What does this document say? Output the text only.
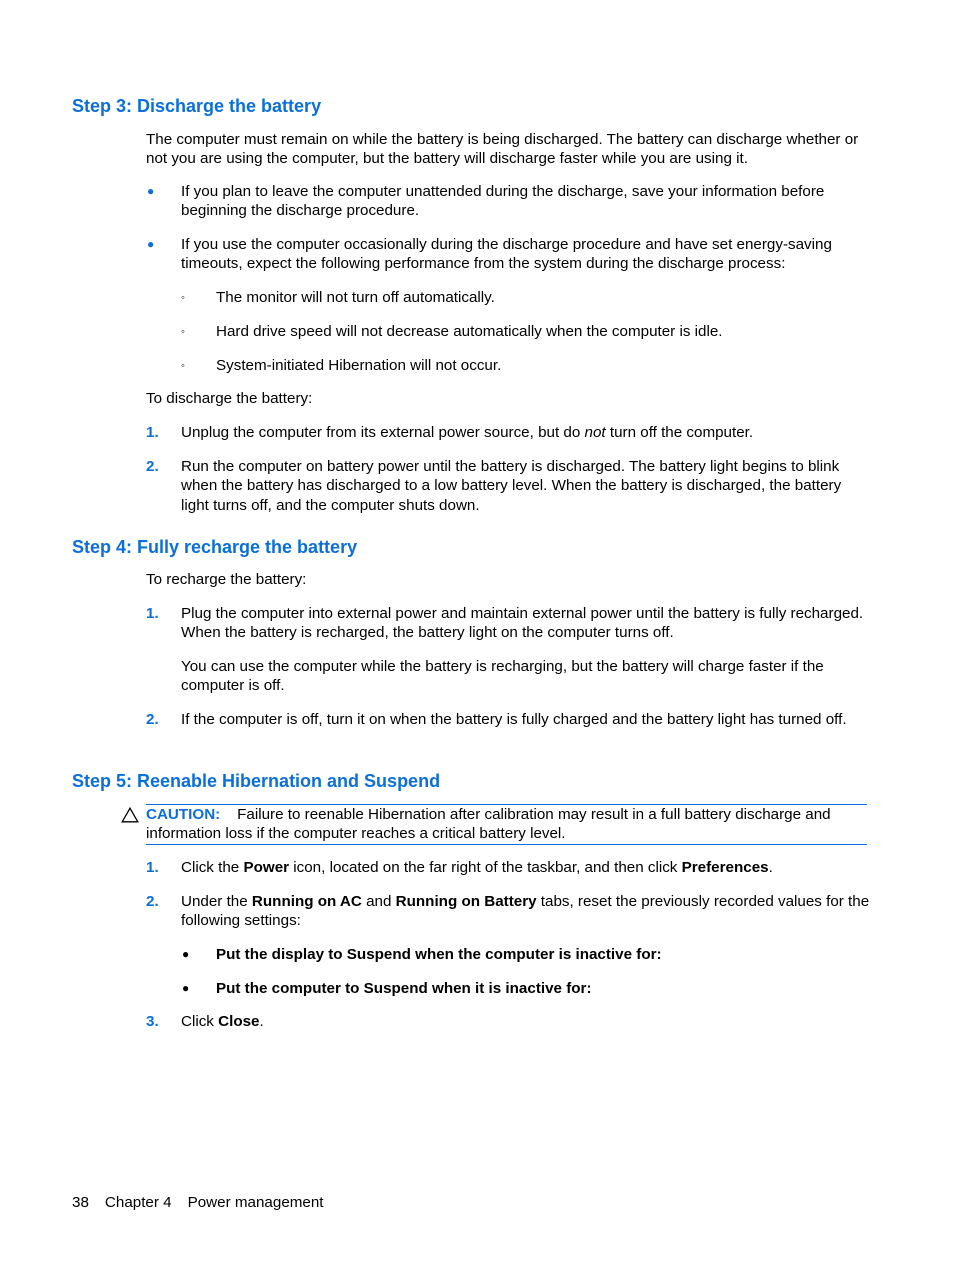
Step 3: Discharge the battery

The computer must remain on while the battery is being discharged. The battery can discharge whether or not you are using the computer, but the battery will discharge faster while you are using it.

● If you plan to leave the computer unattended during the discharge, save your information before beginning the discharge procedure.
● If you use the computer occasionally during the discharge procedure and have set energy-saving timeouts, expect the following performance from the system during the discharge process:
◦ The monitor will not turn off automatically.
◦ Hard drive speed will not decrease automatically when the computer is idle.
◦ System-initiated Hibernation will not occur.

To discharge the battery:

1. Unplug the computer from its external power source, but do not turn off the computer.
2. Run the computer on battery power until the battery is discharged. The battery light begins to blink when the battery has discharged to a low battery level. When the battery is discharged, the battery light turns off, and the computer shuts down.
Step 4: Fully recharge the battery

To recharge the battery:

1. Plug the computer into external power and maintain external power until the battery is fully recharged. When the battery is recharged, the battery light on the computer turns off.

You can use the computer while the battery is recharging, but the battery will charge faster if the computer is off.

2. If the computer is off, turn it on when the battery is fully charged and the battery light has turned off.
Step 5: Reenable Hibernation and Suspend

CAUTION: Failure to reenable Hibernation after calibration may result in a full battery discharge and information loss if the computer reaches a critical battery level.

1. Click the Power icon, located on the far right of the taskbar, and then click Preferences.
2. Under the Running on AC and Running on Battery tabs, reset the previously recorded values for the following settings:
● Put the display to Suspend when the computer is inactive for:
● Put the computer to Suspend when it is inactive for:
3. Click Close.
38 Chapter 4 Power management
